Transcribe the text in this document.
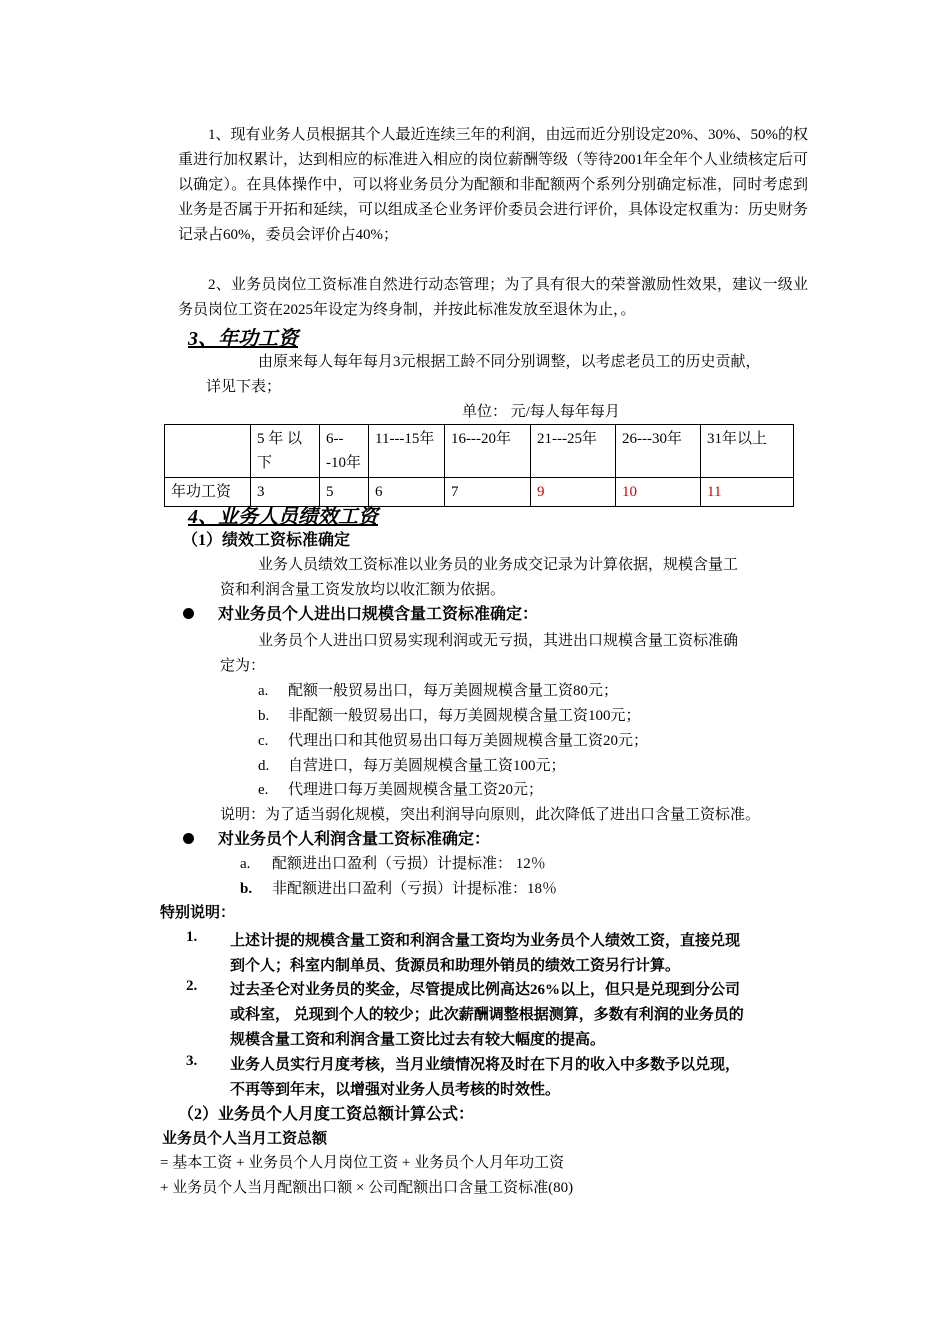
1、现有业务人员根据其个人最近连续三年的利润，由远而近分别设定20%、30%、50%的权重进行加权累计，达到相应的标准进入相应的岗位薪酬等级（等待2001年全年个人业绩核定后可以确定）。在具体操作中，可以将业务员分为配额和非配额两个系列分别确定标准，同时考虑到业务是否属于开拓和延续，可以组成圣仑业务评价委员会进行评价，具体设定权重为：历史财务记录占60%，委员会评价占40%；
2、业务员岗位工资标准自然进行动态管理；为了具有很大的荣誉激励性效果，建议一级业务员岗位工资在2025年设定为终身制，并按此标准发放至退休为止，。
3、年功工资
由原来每人每年每月3元根据工龄不同分别调整，以考虑老员工的历史贡献，
详见下表；
单位： 元/每人每年每月
	5 年 以下	6---10年	11---15年	16---20年	21---25年	26---30年	31年以上
年功工资	3	5	6	7	9	10	11
4、业务人员绩效工资
（1）绩效工资标准确定
业务人员绩效工资标准以业务员的业务成交记录为计算依据，规模含量工
资和利润含量工资发放均以收汇额为依据。
对业务员个人进出口规模含量工资标准确定：
业务员个人进出口贸易实现利润或无亏损，其进出口规模含量工资标准确
定为：
a. 配额一般贸易出口，每万美圆规模含量工资80元；
b. 非配额一般贸易出口，每万美圆规模含量工资100元；
c. 代理出口和其他贸易出口每万美圆规模含量工资20元；
d. 自营进口，每万美圆规模含量工资100元；
e. 代理进口每万美圆规模含量工资20元；
说明：为了适当弱化规模，突出利润导向原则，此次降低了进出口含量工资标准。
对业务员个人利润含量工资标准确定：
a. 配额进出口盈利（亏损）计提标准： 12％
b. 非配额进出口盈利（亏损）计提标准：18％
特别说明：
1. 上述计提的规模含量工资和利润含量工资均为业务员个人绩效工资，直接兑现
到个人；科室内制单员、货源员和助理外销员的绩效工资另行计算。
2. 过去圣仑对业务员的奖金，尽管提成比例高达26%以上，但只是兑现到分公司
或科室， 兑现到个人的较少；此次薪酬调整根据测算，多数有利润的业务员的
规模含量工资和利润含量工资比过去有较大幅度的提高。
3. 业务人员实行月度考核，当月业绩情况将及时在下月的收入中多数予以兑现，
不再等到年末，以增强对业务人员考核的时效性。
（2）业务员个人月度工资总额计算公式：
业务员个人当月工资总额
= 基本工资 + 业务员个人月岗位工资 + 业务员个人月年功工资
+ 业务员个人当月配额出口额 × 公司配额出口含量工资标准(80)
